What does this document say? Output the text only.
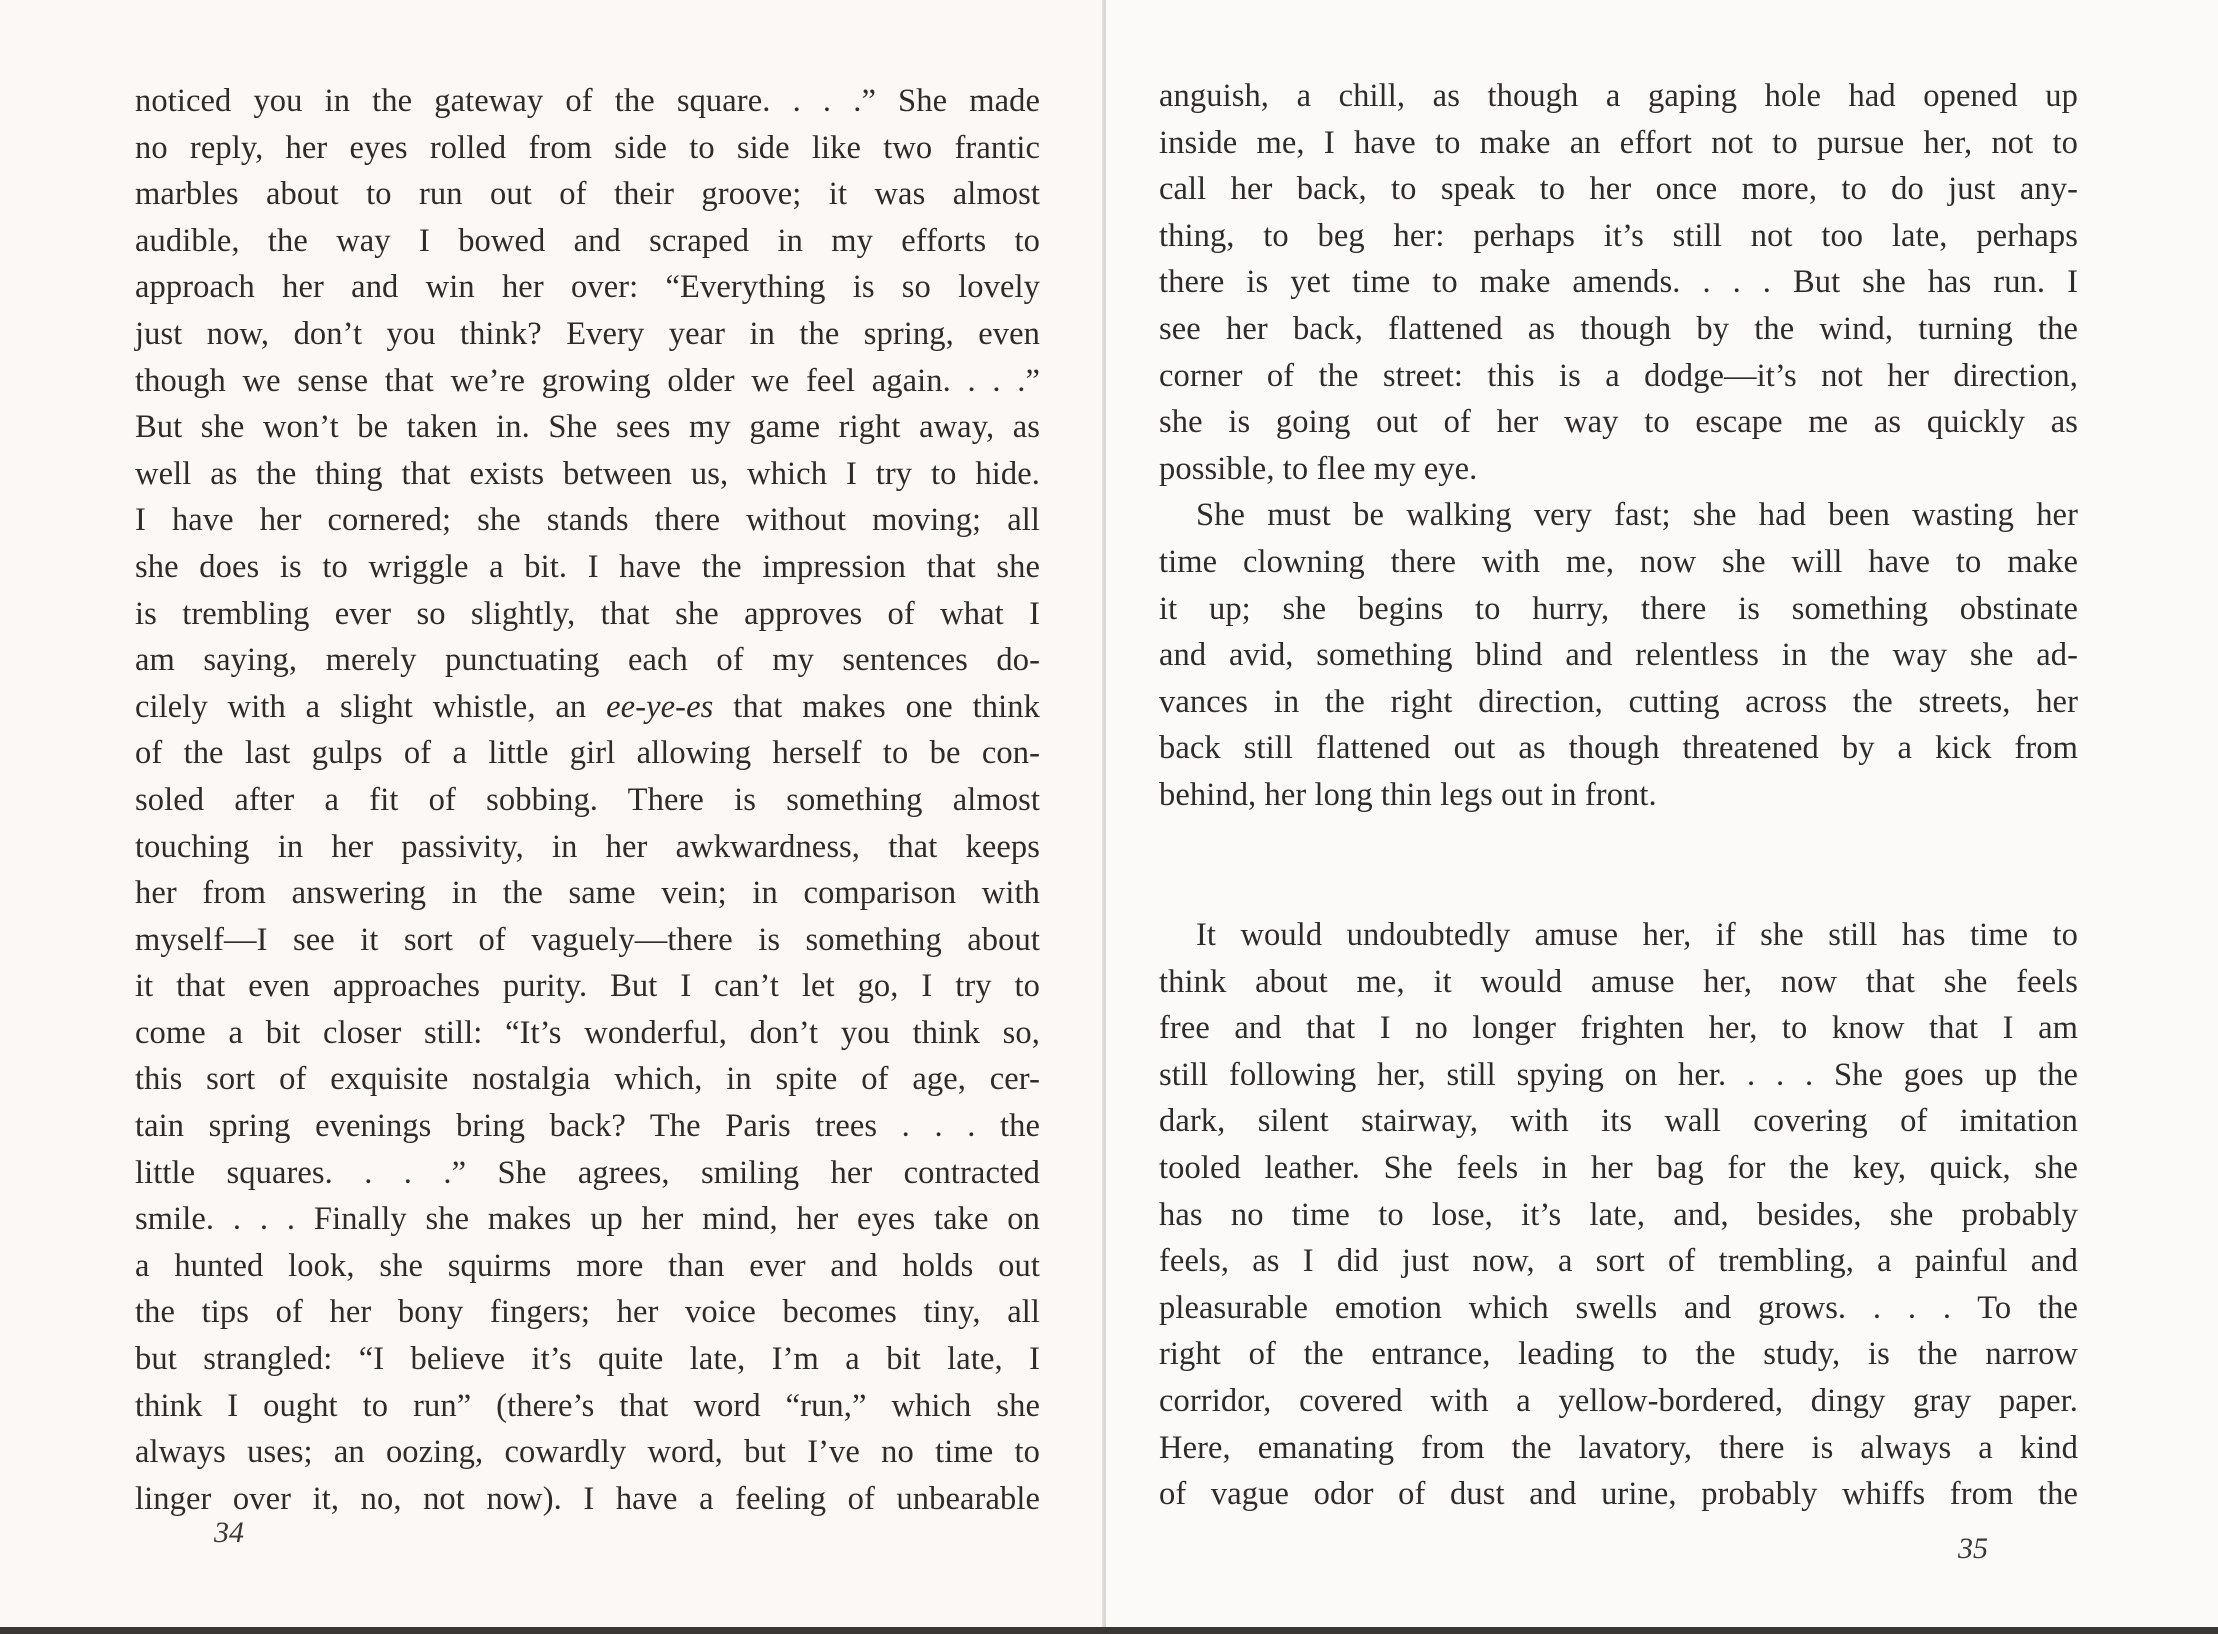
noticed you in the gateway of the square. . . .” She made

no reply, her eyes rolled from side to side like two frantic

marbles about to run out of their groove; it was almost

audible, the way I bowed and scraped in my efforts to

approach her and win her over: “Everything is so lovely

just now, don’t you think? Every year in the spring, even

though we sense that we’re growing older we feel again. . . .”

But she won’t be taken in. She sees my game right away, as

well as the thing that exists between us, which I try to hide.

I have her cornered; she stands there without moving; all

she does is to wriggle a bit. I have the impression that she

is trembling ever so slightly, that she approves of what I

am saying, merely punctuating each of my sentences do-

cilely with a slight whistle, an ee-ye-es that makes one think

of the last gulps of a little girl allowing herself to be con-

soled after a fit of sobbing. There is something almost

touching in her passivity, in her awkwardness, that keeps

her from answering in the same vein; in comparison with

myself—I see it sort of vaguely—there is something about

it that even approaches purity. But I can’t let go, I try to

come a bit closer still: “It’s wonderful, don’t you think so,

this sort of exquisite nostalgia which, in spite of age, cer-

tain spring evenings bring back? The Paris trees . . . the

little squares. . . .” She agrees, smiling her contracted

smile. . . . Finally she makes up her mind, her eyes take on

a hunted look, she squirms more than ever and holds out

the tips of her bony fingers; her voice becomes tiny, all

but strangled: “I believe it’s quite late, I’m a bit late, I

think I ought to run” (there’s that word “run,” which she

always uses; an oozing, cowardly word, but I’ve no time to

linger over it, no, not now). I have a feeling of unbearable

34

anguish, a chill, as though a gaping hole had opened up

inside me, I have to make an effort not to pursue her, not to

call her back, to speak to her once more, to do just any-

thing, to beg her: perhaps it’s still not too late, perhaps

there is yet time to make amends. . . . But she has run. I

see her back, flattened as though by the wind, turning the

corner of the street: this is a dodge—it’s not her direction,

she is going out of her way to escape me as quickly as

possible, to flee my eye.

She must be walking very fast; she had been wasting her

time clowning there with me, now she will have to make

it up; she begins to hurry, there is something obstinate

and avid, something blind and relentless in the way she ad-

vances in the right direction, cutting across the streets, her

back still flattened out as though threatened by a kick from

behind, her long thin legs out in front.

It would undoubtedly amuse her, if she still has time to

think about me, it would amuse her, now that she feels

free and that I no longer frighten her, to know that I am

still following her, still spying on her. . . . She goes up the

dark, silent stairway, with its wall covering of imitation

tooled leather. She feels in her bag for the key, quick, she

has no time to lose, it’s late, and, besides, she probably

feels, as I did just now, a sort of trembling, a painful and

pleasurable emotion which swells and grows. . . . To the

right of the entrance, leading to the study, is the narrow

corridor, covered with a yellow-bordered, dingy gray paper.

Here, emanating from the lavatory, there is always a kind

of vague odor of dust and urine, probably whiffs from the

35
